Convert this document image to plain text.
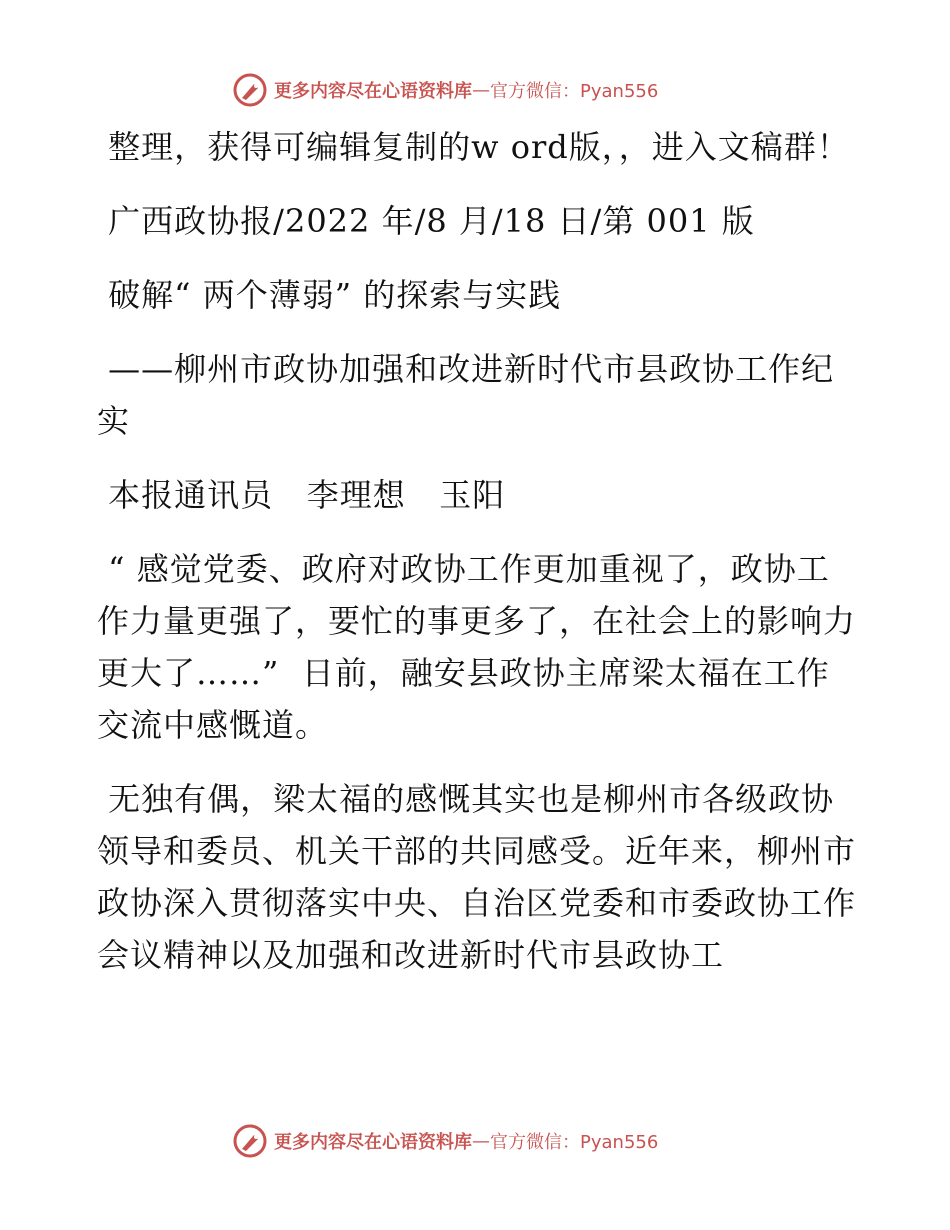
更多内容尽在心语资料库 — 官方微信：Pyan556

整理，获得可编辑复制的w ord版，，进入文稿群！

广西政协报/2022 年/8 月/18 日/第 001 版

破解“ 两个薄弱” 的探索与实践

——柳州市政协加强和改进新时代市县政协工作纪实

本报通讯员   李理想   玉阳

“ 感觉党委、政府对政协工作更加重视了，政协工作力量更强了，要忙的事更多了，在社会上的影响力更大了……”  日前，融安县政协主席梁太福在工作交流中感慨道。

无独有偶，梁太福的感慨其实也是柳州市各级政协领导和委员、机关干部的共同感受。近年来，柳州市政协深入贯彻落实中央、自治区党委和市委政协工作会议精神以及加强和改进新时代市县政协工

更多内容尽在心语资料库 — 官方微信：Pyan556
